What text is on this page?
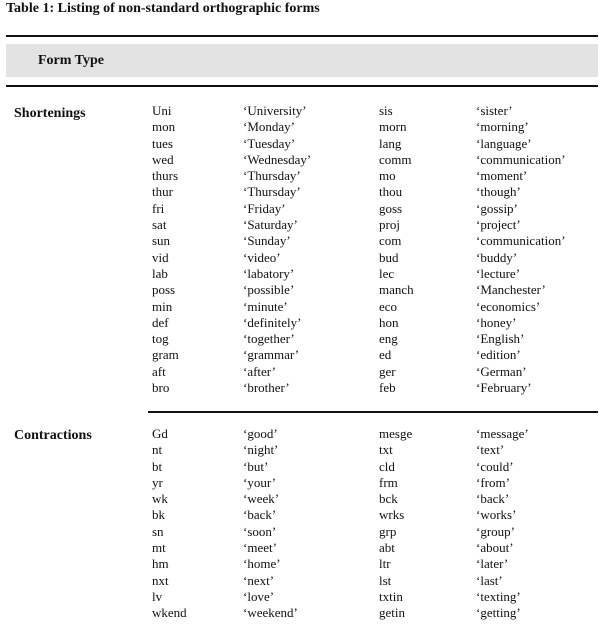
Table 1: Listing of non-standard orthographic forms
Form Type
Shortenings	Uni	‘University’	sis	‘sister’
mon	‘Monday’	morn	‘morning’
tues	‘Tuesday’	lang	‘language’
wed	‘Wednesday’	comm	‘communication’
thurs	‘Thursday’	mo	‘moment’
thur	‘Thursday’	thou	‘though’
fri	‘Friday’	goss	‘gossip’
sat	‘Saturday’	proj	‘project’
sun	‘Sunday’	com	‘communication’
vid	‘video’	bud	‘buddy’
lab	‘labatory’	lec	‘lecture’
poss	‘possible’	manch	‘Manchester’
min	‘minute’	eco	‘economics’
def	‘definitely’	hon	‘honey’
tog	‘together’	eng	‘English’
gram	‘grammar’	ed	‘edition’
aft	‘after’	ger	‘German’
bro	‘brother’	feb	‘February’
Contractions	Gd	‘good’	mesge	‘message’
nt	‘night’	txt	‘text’
bt	‘but’	cld	‘could’
yr	‘your’	frm	‘from’
wk	‘week’	bck	‘back’
bk	‘back’	wrks	‘works’
sn	‘soon’	grp	‘group’
mt	‘meet’	abt	‘about’
hm	‘home’	ltr	‘later’
nxt	‘next’	lst	‘last’
lv	‘love’	txtin	‘texting’
wkend	‘weekend’	getin	‘getting’
